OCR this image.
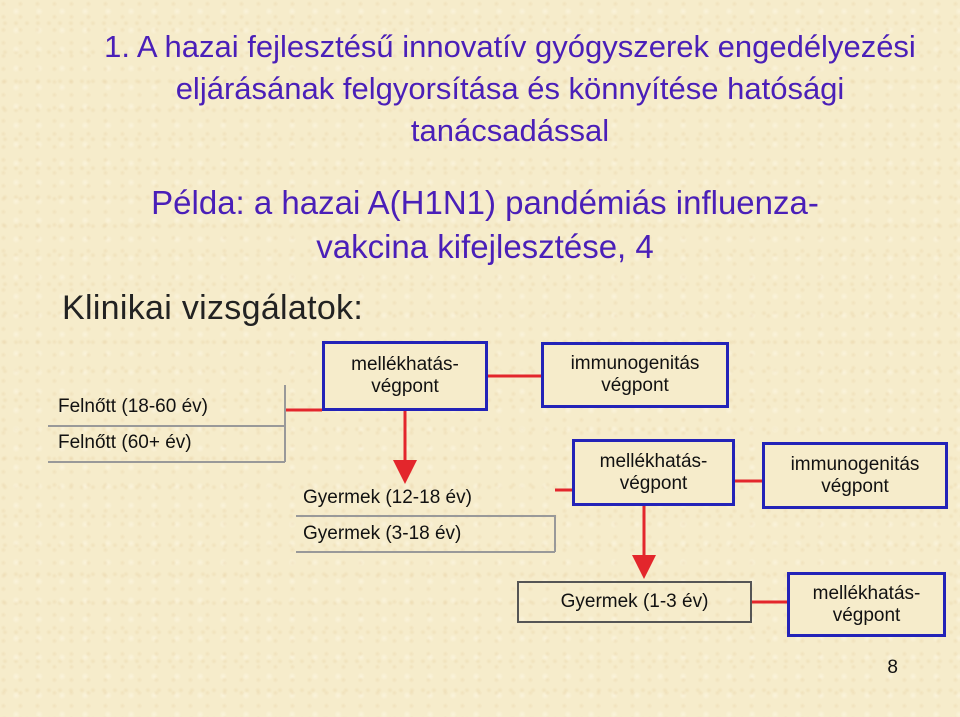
1. A hazai fejlesztésű innovatív gyógyszerek engedélyezési eljárásának felgyorsítása és könnyítése hatósági tanácsadással
Példa: a hazai A(H1N1) pandémiás influenza-vakcina kifejlesztése, 4
Klinikai vizsgálatok:
Felnőtt (18-60 év)
Felnőtt (60+ év)
mellékhatás-végpont
immunogenitás végpont
Gyermek (12-18 év)
Gyermek (3-18 év)
mellékhatás-végpont
immunogenitás végpont
Gyermek (1-3 év)	mellékhatás-végpont
8
